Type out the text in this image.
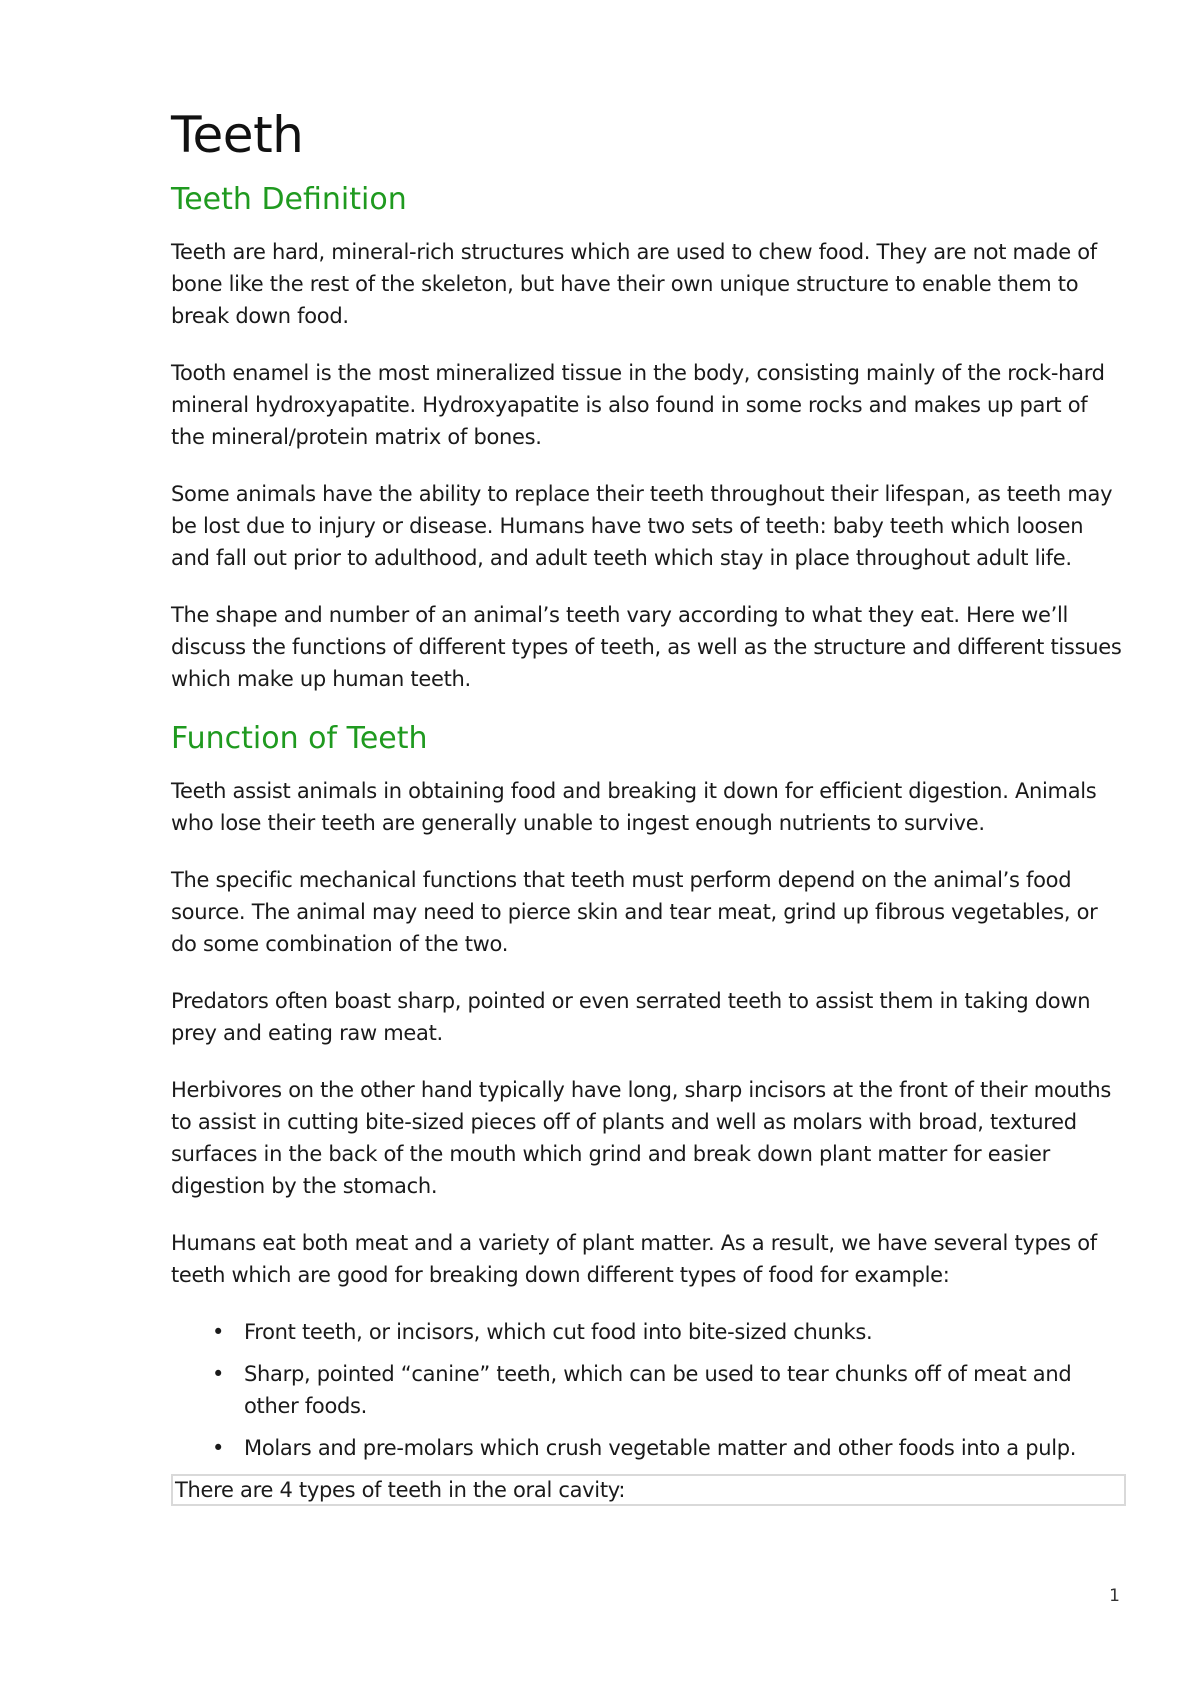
Teeth
Teeth Definition

Teeth are hard, mineral-rich structures which are used to chew food. They are not made of bone like the rest of the skeleton, but have their own unique structure to enable them to break down food.

Tooth enamel is the most mineralized tissue in the body, consisting mainly of the rock-hard mineral hydroxyapatite. Hydroxyapatite is also found in some rocks and makes up part of the mineral/protein matrix of bones.

Some animals have the ability to replace their teeth throughout their lifespan, as teeth may be lost due to injury or disease. Humans have two sets of teeth: baby teeth which loosen and fall out prior to adulthood, and adult teeth which stay in place throughout adult life.

The shape and number of an animal’s teeth vary according to what they eat. Here we’ll discuss the functions of different types of teeth, as well as the structure and different tissues which make up human teeth.

Function of Teeth

Teeth assist animals in obtaining food and breaking it down for efficient digestion. Animals who lose their teeth are generally unable to ingest enough nutrients to survive.

The specific mechanical functions that teeth must perform depend on the animal’s food source. The animal may need to pierce skin and tear meat, grind up fibrous vegetables, or do some combination of the two.

Predators often boast sharp, pointed or even serrated teeth to assist them in taking down prey and eating raw meat.

Herbivores on the other hand typically have long, sharp incisors at the front of their mouths to assist in cutting bite-sized pieces off of plants and well as molars with broad, textured surfaces in the back of the mouth which grind and break down plant matter for easier digestion by the stomach.

Humans eat both meat and a variety of plant matter. As a result, we have several types of teeth which are good for breaking down different types of food for example:

• Front teeth, or incisors, which cut food into bite-sized chunks.
• Sharp, pointed “canine” teeth, which can be used to tear chunks off of meat and other foods.
• Molars and pre-molars which crush vegetable matter and other foods into a pulp.
There are 4 types of teeth in the oral cavity:
1
